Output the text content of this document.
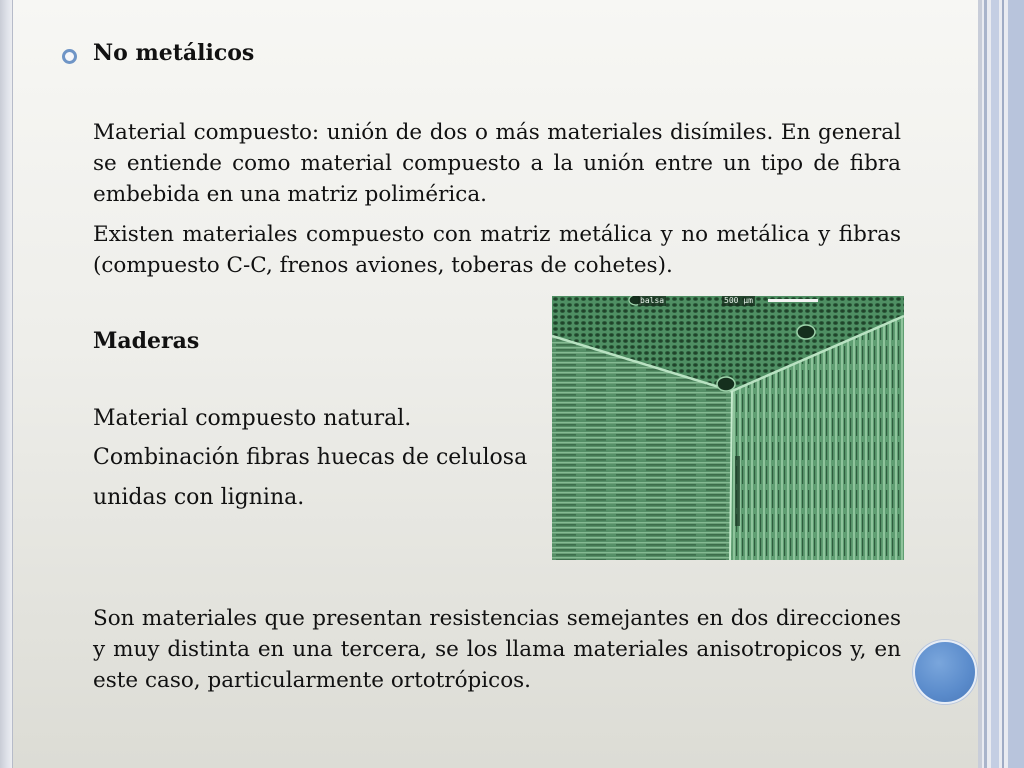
No metálicos
Material compuesto: unión de dos o más materiales disímiles. En general se entiende como material compuesto a la unión entre un tipo de fibra embebida en una matriz polimérica.
Existen materiales compuesto con matriz metálica y no metálica y fibras (compuesto C-C, frenos aviones, toberas de cohetes).
Maderas
Material compuesto natural.
Combinación fibras huecas de celulosa
unidas con lignina.
balsa	500 µm
Son materiales que presentan resistencias semejantes en dos direcciones y muy distinta en una tercera, se los llama materiales anisotropicos y, en este caso, particularmente ortotrópicos.
